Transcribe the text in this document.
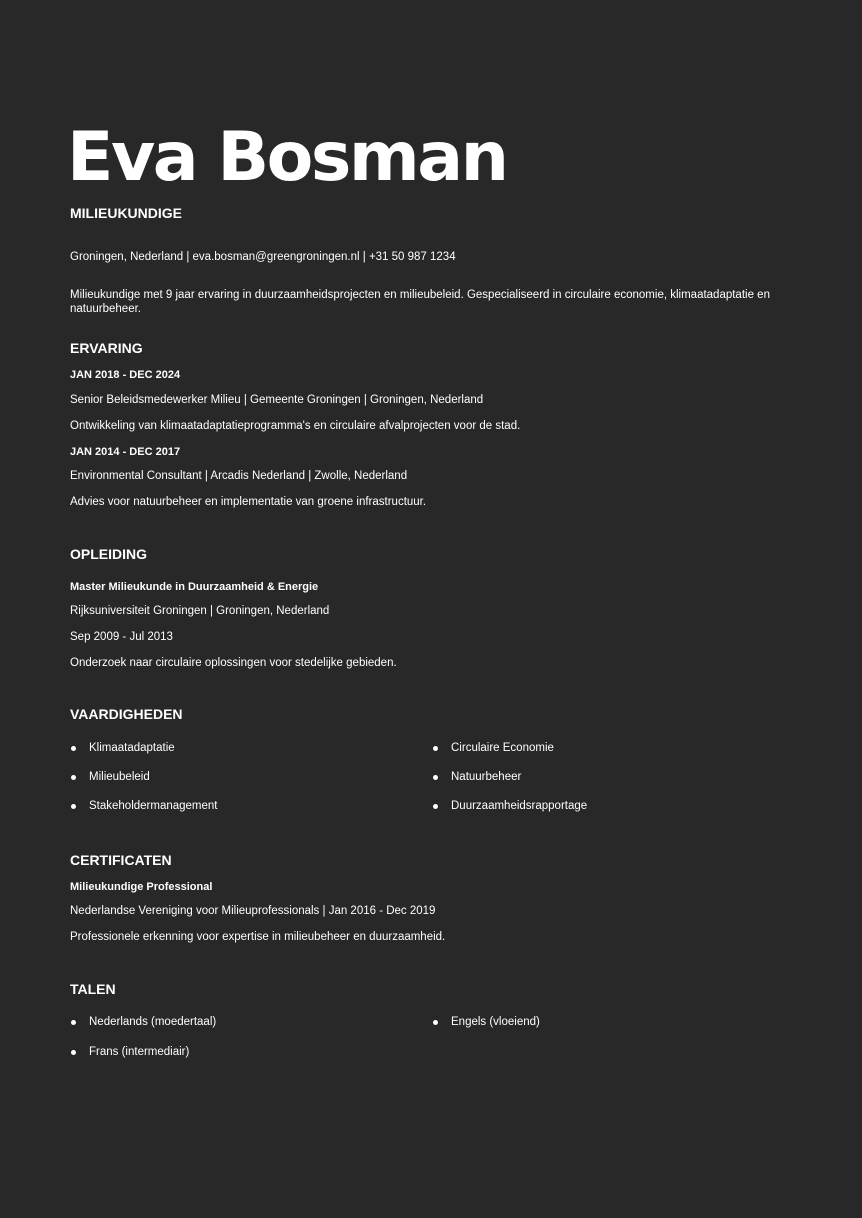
Eva Bosman
MILIEUKUNDIGE
Groningen, Nederland | eva.bosman@greengroningen.nl | +31 50 987 1234
Milieukundige met 9 jaar ervaring in duurzaamheidsprojecten en milieubeleid. Gespecialiseerd in circulaire economie, klimaatadaptatie en natuurbeheer.
ERVARING
JAN 2018 - DEC 2024
Senior Beleidsmedewerker Milieu | Gemeente Groningen | Groningen, Nederland
Ontwikkeling van klimaatadaptatieprogramma's en circulaire afvalprojecten voor de stad.
JAN 2014 - DEC 2017
Environmental Consultant | Arcadis Nederland | Zwolle, Nederland
Advies voor natuurbeheer en implementatie van groene infrastructuur.
OPLEIDING
Master Milieukunde in Duurzaamheid & Energie
Rijksuniversiteit Groningen | Groningen, Nederland
Sep 2009 - Jul 2013
Onderzoek naar circulaire oplossingen voor stedelijke gebieden.
VAARDIGHEDEN
Klimaatadaptatie	Circulaire Economie
Milieubeleid	Natuurbeheer
Stakeholdermanagement	Duurzaamheidsrapportage
CERTIFICATEN
Milieukundige Professional
Nederlandse Vereniging voor Milieuprofessionals | Jan 2016 - Dec 2019
Professionele erkenning voor expertise in milieubeheer en duurzaamheid.
TALEN
Nederlands (moedertaal)	Engels (vloeiend)
Frans (intermediair)
